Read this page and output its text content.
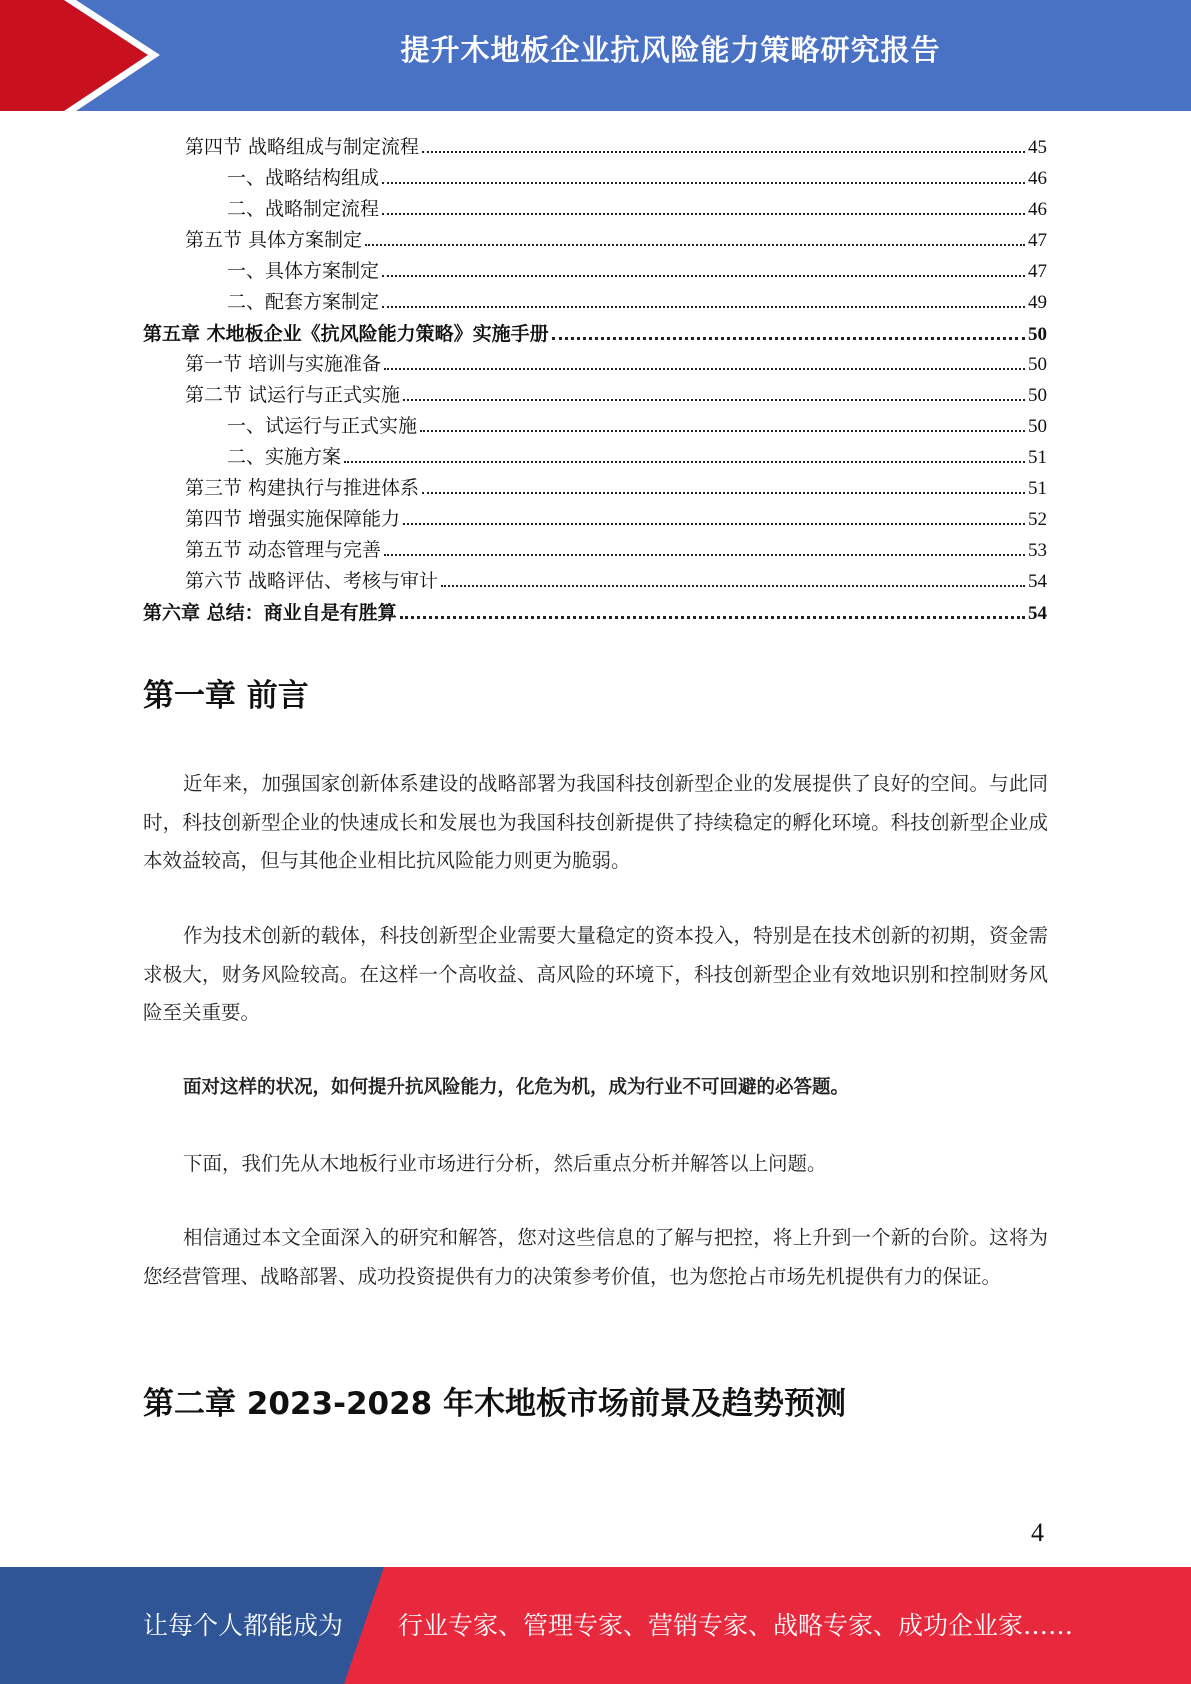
提升木地板企业抗风险能力策略研究报告
第四节 战略组成与制定流程	45
一、战略结构组成	46
二、战略制定流程	46
第五节 具体方案制定	47
一、具体方案制定	47
二、配套方案制定	49
第五章 木地板企业《抗风险能力策略》实施手册	50
第一节 培训与实施准备	50
第二节 试运行与正式实施	50
一、试运行与正式实施	50
二、实施方案	51
第三节 构建执行与推进体系	51
第四节 增强实施保障能力	52
第五节 动态管理与完善	53
第六节 战略评估、考核与审计	54
第六章 总结：商业自是有胜算	54
第一章 前言
近年来，加强国家创新体系建设的战略部署为我国科技创新型企业的发展提供了良好的空间。与此同时，科技创新型企业的快速成长和发展也为我国科技创新提供了持续稳定的孵化环境。科技创新型企业成本效益较高，但与其他企业相比抗风险能力则更为脆弱。
作为技术创新的载体，科技创新型企业需要大量稳定的资本投入，特别是在技术创新的初期，资金需求极大，财务风险较高。在这样一个高收益、高风险的环境下，科技创新型企业有效地识别和控制财务风险至关重要。
面对这样的状况，如何提升抗风险能力，化危为机，成为行业不可回避的必答题。
下面，我们先从木地板行业市场进行分析，然后重点分析并解答以上问题。
相信通过本文全面深入的研究和解答，您对这些信息的了解与把控，将上升到一个新的台阶。这将为您经营管理、战略部署、成功投资提供有力的决策参考价值，也为您抢占市场先机提供有力的保证。
第二章 2023-2028 年木地板市场前景及趋势预测
4
让每个人都能成为 行业专家、管理专家、营销专家、战略专家、成功企业家……
